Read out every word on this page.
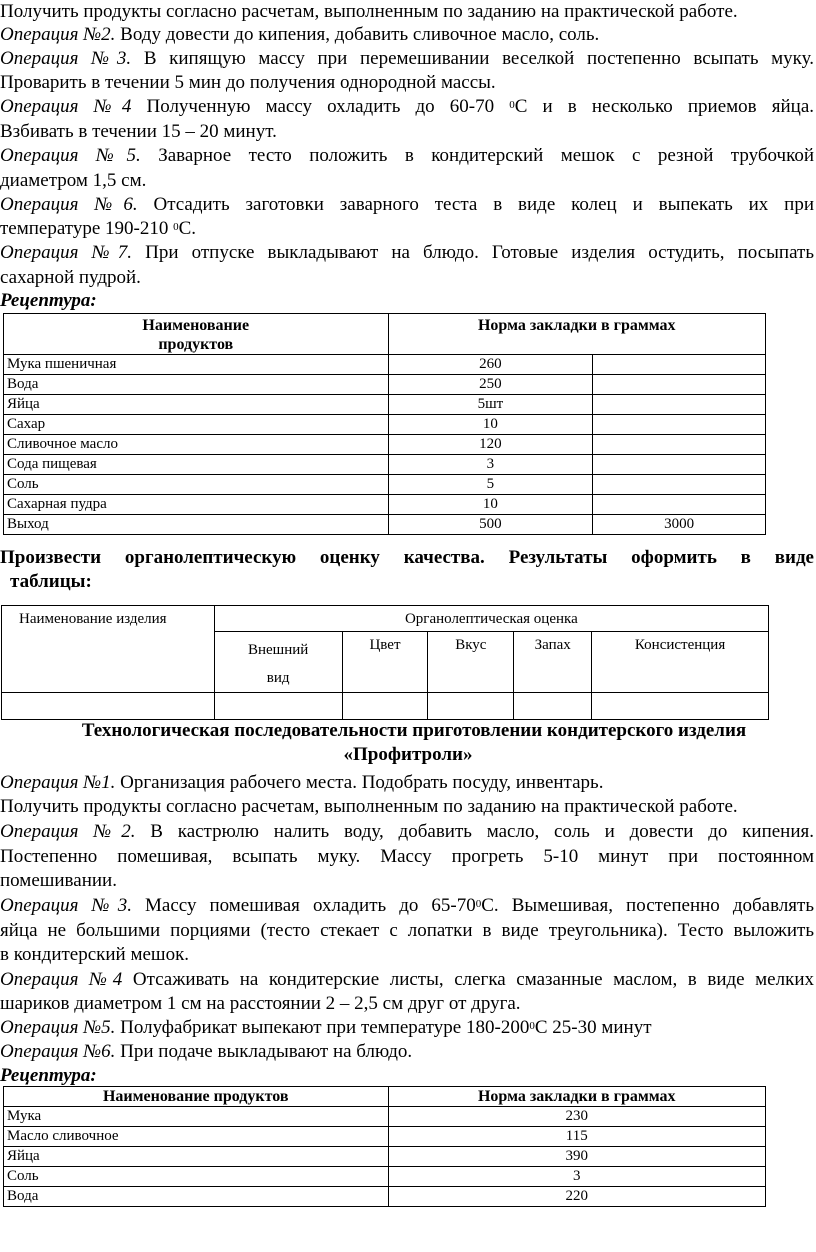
Получить продукты согласно расчетам, выполненным по заданию на практической работе.
Операция №2. Воду довести до кипения, добавить сливочное масло, соль.
Операция №3. В кипящую массу при перемешивании веселкой постепенно всыпать муку.
Проварить в течении 5 мин до получения однородной массы.
Операция №4 Полученную массу охладить до 60-70 $^0$С и в несколько приемов яйца.
Взбивать в течении 15 – 20 минут.
Операция №5. Заварное тесто положить в кондитерский мешок с резной трубочкой
диаметром 1,5 см.
Операция №6. Отсадить заготовки заварного теста в виде колец и выпекать их при
температуре 190-210 $^0$С.
Операция №7. При отпуске выкладывают на блюдо. Готовые изделия остудить, посыпать
сахарной пудрой.
Рецептура:
Наименование
продуктов	Норма закладки в граммах	
Мука пшеничная	260	
Вода	250	
Яйца	5шт	
Сахар	10	
Сливочное масло	120	
Сода пищевая	3	
Соль	5	
Сахарная пудра	10	
Выход	500	3000
Произвести органолептическую оценку качества. Результаты оформить в виде
таблицы:
Наименование изделия	Органолептическая оценка				

	Внешний
вид	Цвет	Вкус	Запах	Консистенция

Технологическая последовательности приготовлении кондитерского изделия
«Профитроли»
Операция №1. Организация рабочего места. Подобрать посуду, инвентарь.
Получить продукты согласно расчетам, выполненным по заданию на практической работе.
Операция №2. В кастрюлю налить воду, добавить масло, соль и довести до кипения.
Постепенно помешивая, всыпать муку. Массу прогреть 5-10 минут при постоянном
помешивании.
Операция №3. Массу помешивая охладить до $65-70^0С$. Вымешивая, постепенно добавлять
яйца не большими порциями (тесто стекает с лопатки в виде треугольника). Тесто выложить
в кондитерский мешок.
Операция №4 Отсаживать на кондитерские листы, слегка смазанные маслом, в виде мелких
шариков диаметром 1 см на расстоянии 2 – 2,5 см друг от друга.
Операция №5. Полуфабрикат выпекают при температуре $180-200^0С$ 25-30 минут
Операция №6. При подаче выкладывают на блюдо.
Рецептура:
Наименование продуктов	Норма закладки в граммах
Мука	230
Масло сливочное	115
Яйца	390
Соль	3
Вода	220
